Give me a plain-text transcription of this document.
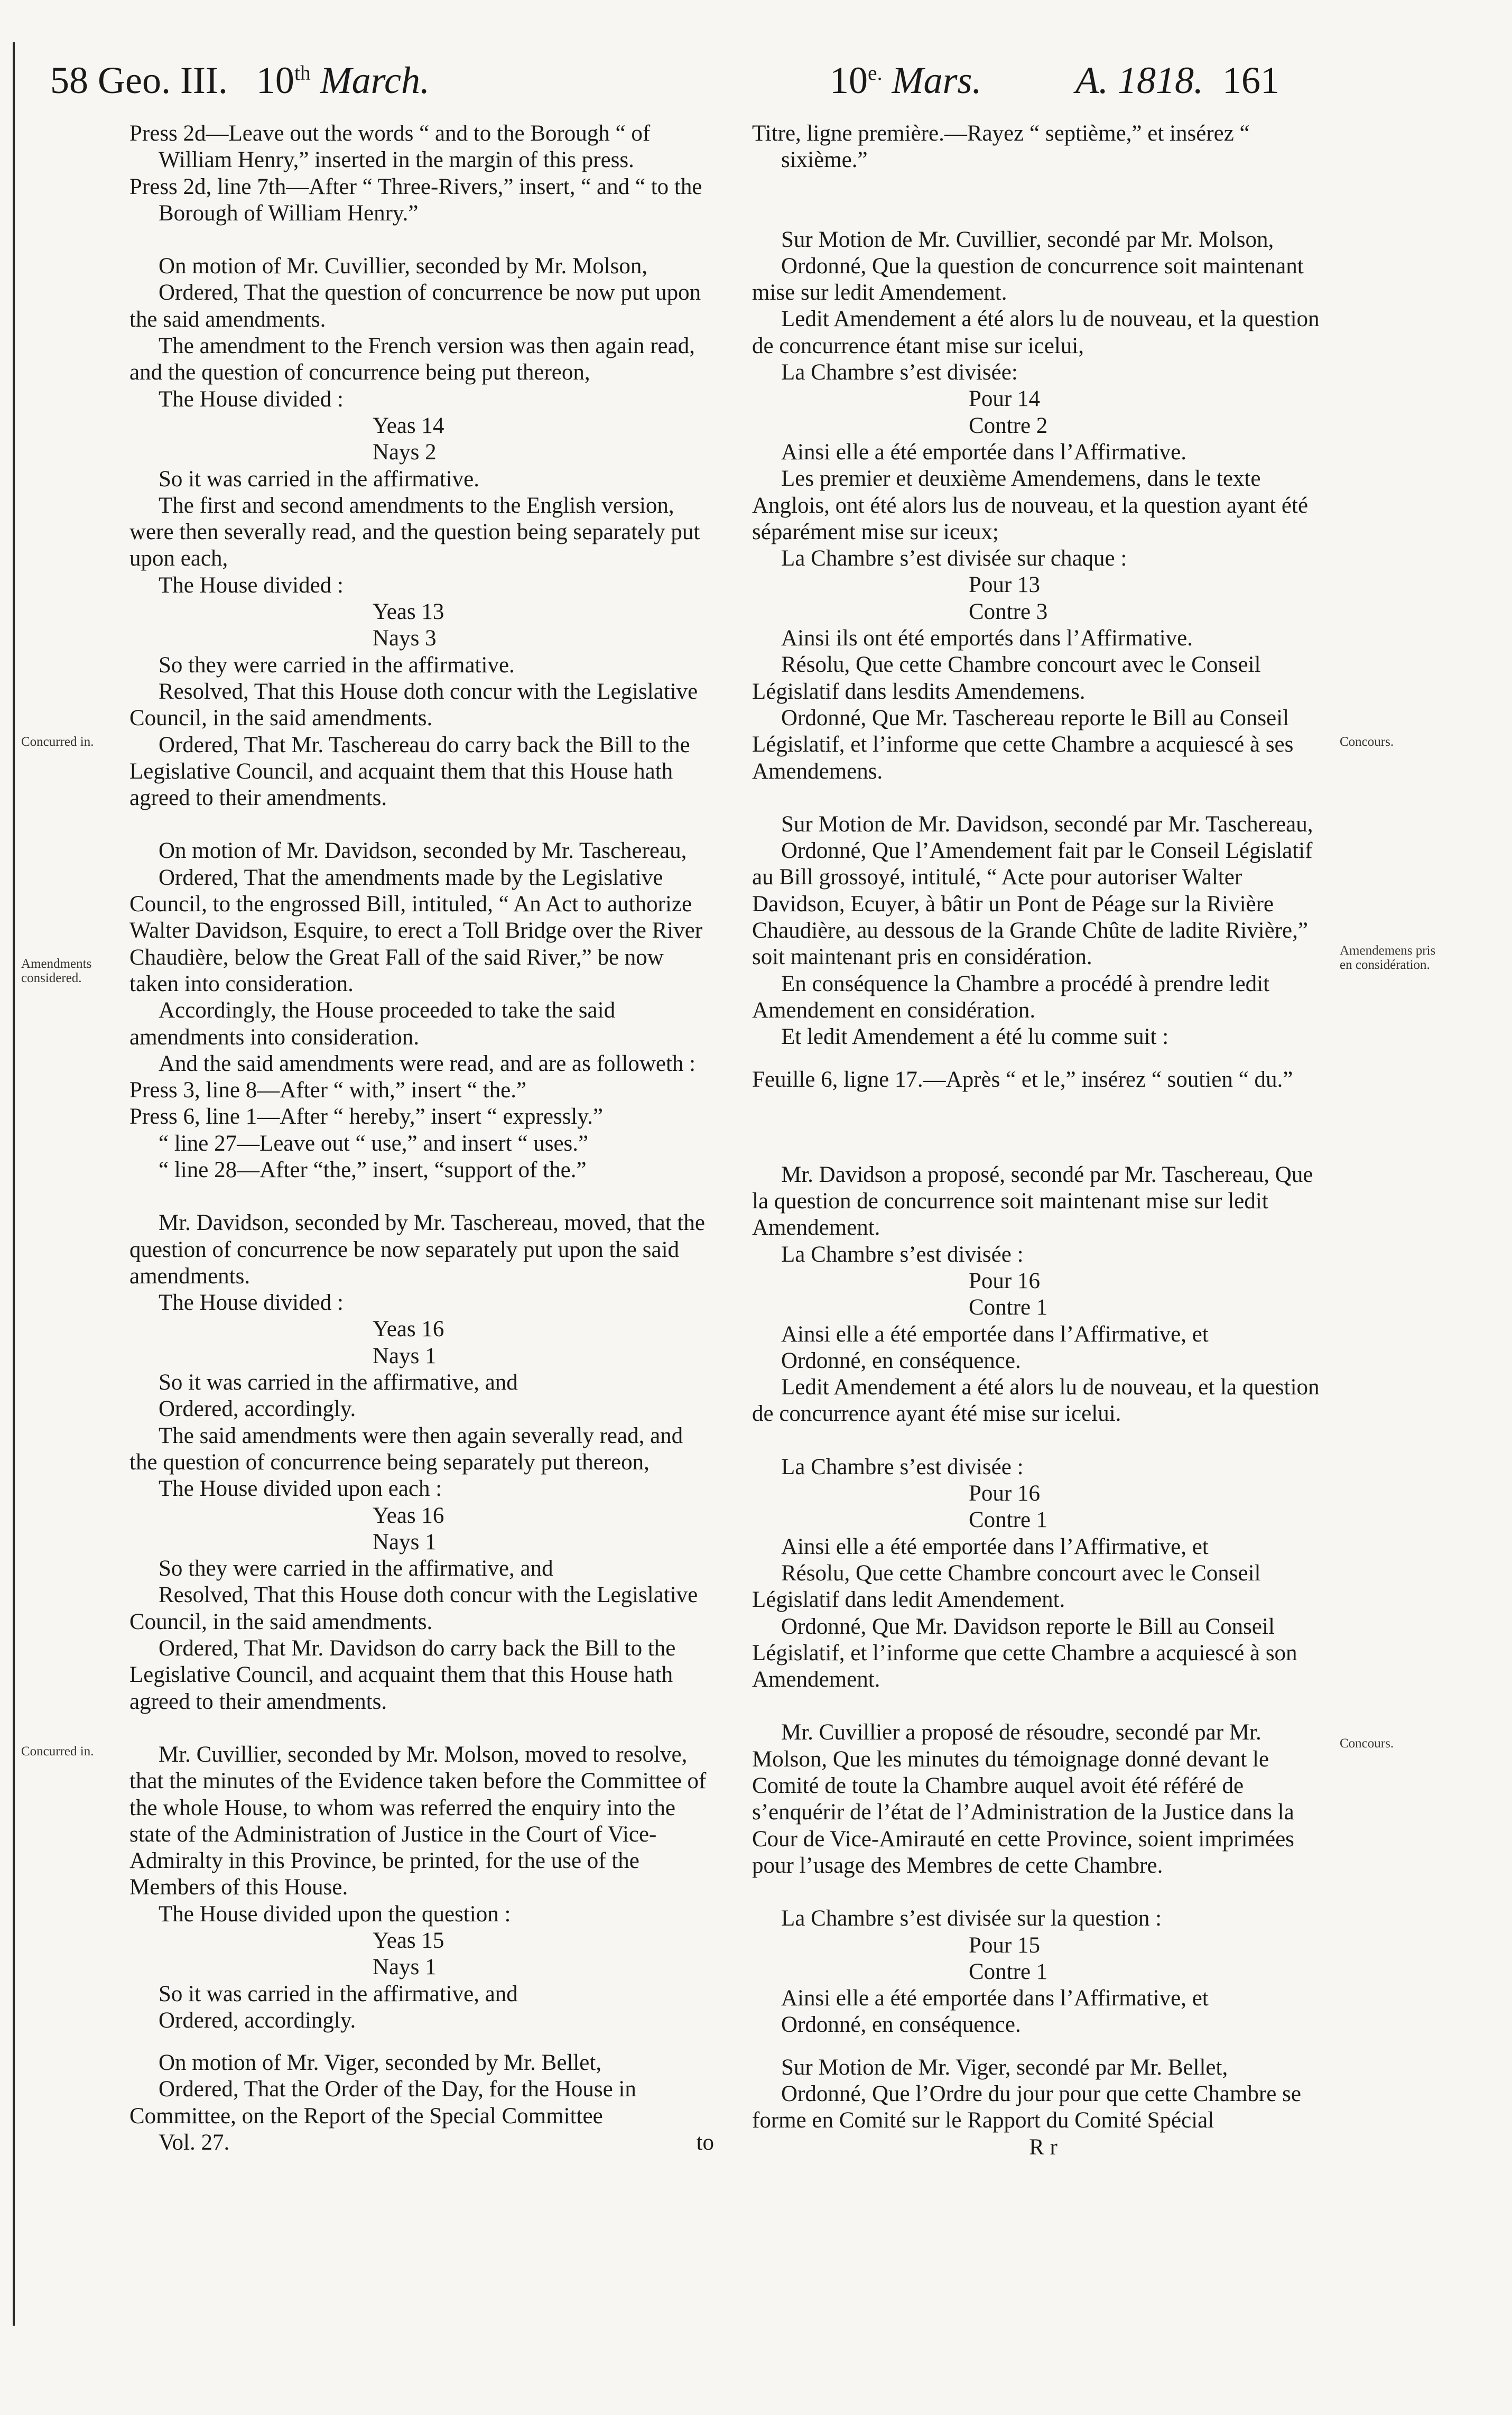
58 Geo. III. 10th March.	$10^{e.}$ Mars. A. 1818. 161

Press 2d—Leave out the words “ and to the Borough “ of William Henry,” inserted in the margin of this press.

Press 2d, line 7th—After “ Three-Rivers,” insert, “ and “ to the Borough of William Henry.”

On motion of Mr. Cuvillier, seconded by Mr. Molson,

Ordered, That the question of concurrence be now put upon the said amendments.

The amendment to the French version was then again read, and the question of concurrence being put thereon,

The House divided :

Yeas 14

Nays 2

So it was carried in the affirmative.

The first and second amendments to the English version, were then severally read, and the question being separately put upon each,

The House divided :

Yeas 13

Nays 3

So they were carried in the affirmative.

Resolved, That this House doth concur with the Legislative Council, in the said amendments.

Ordered, That Mr. Taschereau do carry back the Bill to the Legislative Council, and acquaint them that this House hath agreed to their amendments.

On motion of Mr. Davidson, seconded by Mr. Taschereau,

Ordered, That the amendments made by the Legislative Council, to the engrossed Bill, intituled, “ An Act to authorize Walter Davidson, Esquire, to erect a Toll Bridge over the River Chaudière, below the Great Fall of the said River,” be now taken into consideration.

Accordingly, the House proceeded to take the said amendments into consideration.

And the said amendments were read, and are as followeth :

Press 3, line 8—After “ with,” insert “ the.”

Press 6, line 1—After “ hereby,” insert “ expressly.”

“ line 27—Leave out “ use,” and insert “ uses.”

“ line 28—After “the,” insert, “support of the.”

Mr. Davidson, seconded by Mr. Taschereau, moved, that the question of concurrence be now separately put upon the said amendments.

The House divided :

Yeas 16

Nays 1

So it was carried in the affirmative, and

Ordered, accordingly.

The said amendments were then again severally read, and the question of concurrence being separately put thereon,

The House divided upon each :

Yeas 16

Nays 1

So they were carried in the affirmative, and

Resolved, That this House doth concur with the Legislative Council, in the said amendments.

Ordered, That Mr. Davidson do carry back the Bill to the Legislative Council, and acquaint them that this House hath agreed to their amendments.

Mr. Cuvillier, seconded by Mr. Molson, moved to resolve, that the minutes of the Evidence taken before the Committee of the whole House, to whom was referred the enquiry into the state of the Administration of Justice in the Court of Vice-Admiralty in this Province, be printed, for the use of the Members of this House.

The House divided upon the question :

Yeas 15

Nays 1

So it was carried in the affirmative, and

Ordered, accordingly.

On motion of Mr. Viger, seconded by Mr. Bellet,

Ordered, That the Order of the Day, for the House in Committee, on the Report of the Special Committee

Vol. 27.	to

Titre, ligne première.—Rayez “ septième,” et insérez “ sixième.”

Sur Motion de Mr. Cuvillier, secondé par Mr. Molson,

Ordonné, Que la question de concurrence soit maintenant mise sur ledit Amendement.

Ledit Amendement a été alors lu de nouveau, et la question de concurrence étant mise sur icelui,

La Chambre s’est divisée:

Pour 14

Contre 2

Ainsi elle a été emportée dans l’Affirmative.

Les premier et deuxième Amendemens, dans le texte Anglois, ont été alors lus de nouveau, et la question ayant été séparément mise sur iceux;

La Chambre s’est divisée sur chaque :

Pour 13

Contre 3

Ainsi ils ont été emportés dans l’Affirmative.

Résolu, Que cette Chambre concourt avec le Conseil Législatif dans lesdits Amendemens.

Ordonné, Que Mr. Taschereau reporte le Bill au Conseil Législatif, et l’informe que cette Chambre a acquiescé à ses Amendemens.

Sur Motion de Mr. Davidson, secondé par Mr. Taschereau,

Ordonné, Que l’Amendement fait par le Conseil Législatif au Bill grossoyé, intitulé, “ Acte pour autoriser Walter Davidson, Ecuyer, à bâtir un Pont de Péage sur la Rivière Chaudière, au dessous de la Grande Chûte de ladite Rivière,” soit maintenant pris en considération.

En conséquence la Chambre a procédé à prendre ledit Amendement en considération.

Et ledit Amendement a été lu comme suit :

Feuille 6, ligne 17.—Après “ et le,” insérez “ soutien “ du.”

Mr. Davidson a proposé, secondé par Mr. Taschereau, Que la question de concurrence soit maintenant mise sur ledit Amendement.

La Chambre s’est divisée :

Pour 16

Contre 1

Ainsi elle a été emportée dans l’Affirmative, et

Ordonné, en conséquence.

Ledit Amendement a été alors lu de nouveau, et la question de concurrence ayant été mise sur icelui.

La Chambre s’est divisée :

Pour 16

Contre 1

Ainsi elle a été emportée dans l’Affirmative, et

Résolu, Que cette Chambre concourt avec le Conseil Législatif dans ledit Amendement.

Ordonné, Que Mr. Davidson reporte le Bill au Conseil Législatif, et l’informe que cette Chambre a acquiescé à son Amendement.

Mr. Cuvillier a proposé de résoudre, secondé par Mr. Molson, Que les minutes du témoignage donné devant le Comité de toute la Chambre auquel avoit été référé de s’enquérir de l’état de l’Administration de la Justice dans la Cour de Vice-Amirauté en cette Province, soient imprimées pour l’usage des Membres de cette Chambre.

La Chambre s’est divisée sur la question :

Pour 15

Contre 1

Ainsi elle a été emportée dans l’Affirmative, et

Ordonné, en conséquence.

Sur Motion de Mr. Viger, secondé par Mr. Bellet,

Ordonné, Que l’Ordre du jour pour que cette Chambre se forme en Comité sur le Rapport du Comité Spécial

R r
Concurred in.
Amendments considered.
Concurred in.
Concours.
Amendemens pris en considération.
Concours.
